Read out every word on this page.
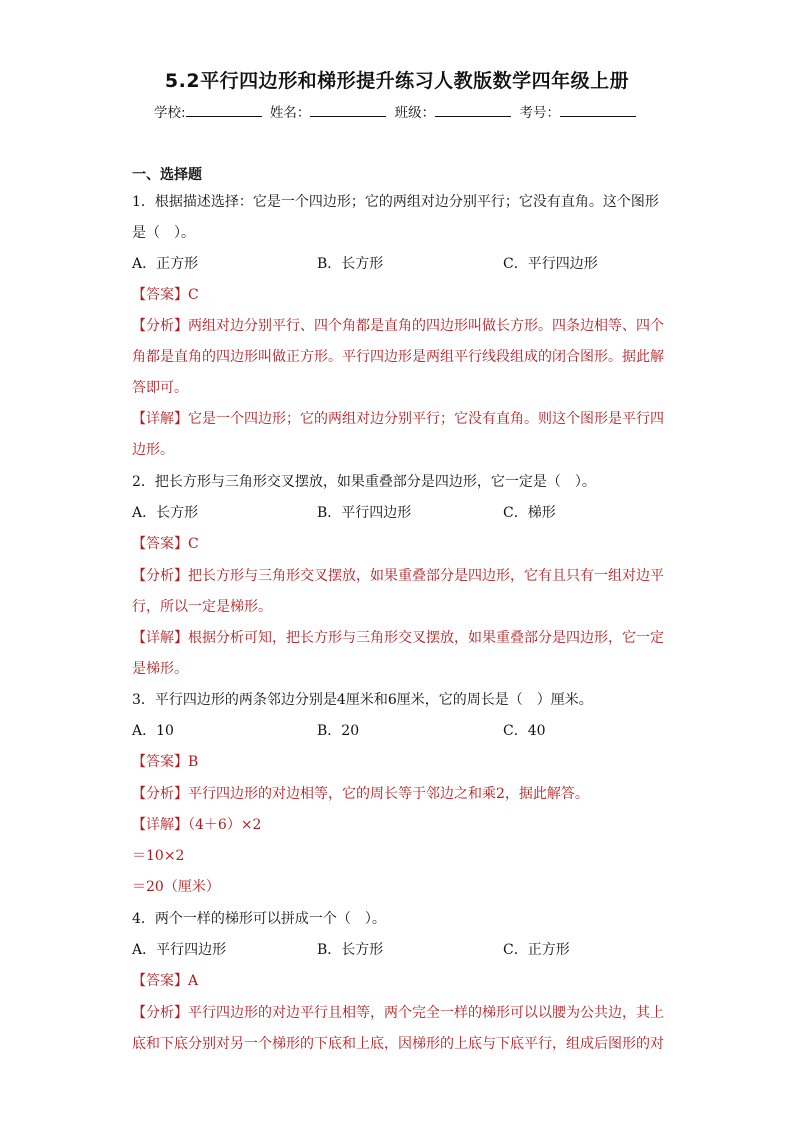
5.2平行四边形和梯形提升练习人教版数学四年级上册
学校:	姓名：	班级：	考号：
一、选择题
1．根据描述选择：它是一个四边形；它的两组对边分别平行；它没有直角。这个图形
是（　）。
A．正方形	B．长方形	C．平行四边形
【答案】C
【分析】两组对边分别平行、四个角都是直角的四边形叫做长方形。四条边相等、四个
角都是直角的四边形叫做正方形。平行四边形是两组平行线段组成的闭合图形。据此解
答即可。
【详解】它是一个四边形；它的两组对边分别平行；它没有直角。则这个图形是平行四
边形。
2．把长方形与三角形交叉摆放，如果重叠部分是四边形，它一定是（　）。
A．长方形	B．平行四边形	C．梯形
【答案】C
【分析】把长方形与三角形交叉摆放，如果重叠部分是四边形，它有且只有一组对边平
行，所以一定是梯形。
【详解】根据分析可知，把长方形与三角形交叉摆放，如果重叠部分是四边形，它一定
是梯形。
3．平行四边形的两条邻边分别是4厘米和6厘米，它的周长是（　）厘米。
A．10	B．20	C．40
【答案】B
【分析】平行四边形的对边相等，它的周长等于邻边之和乘2，据此解答。
【详解】（4＋6）×2
＝10×2
＝20（厘米）
4．两个一样的梯形可以拼成一个（　）。
A．平行四边形	B．长方形	C．正方形
【答案】A
【分析】平行四边形的对边平行且相等，两个完全一样的梯形可以以腰为公共边，其上
底和下底分别对另一个梯形的下底和上底，因梯形的上底与下底平行，组成后图形的对
